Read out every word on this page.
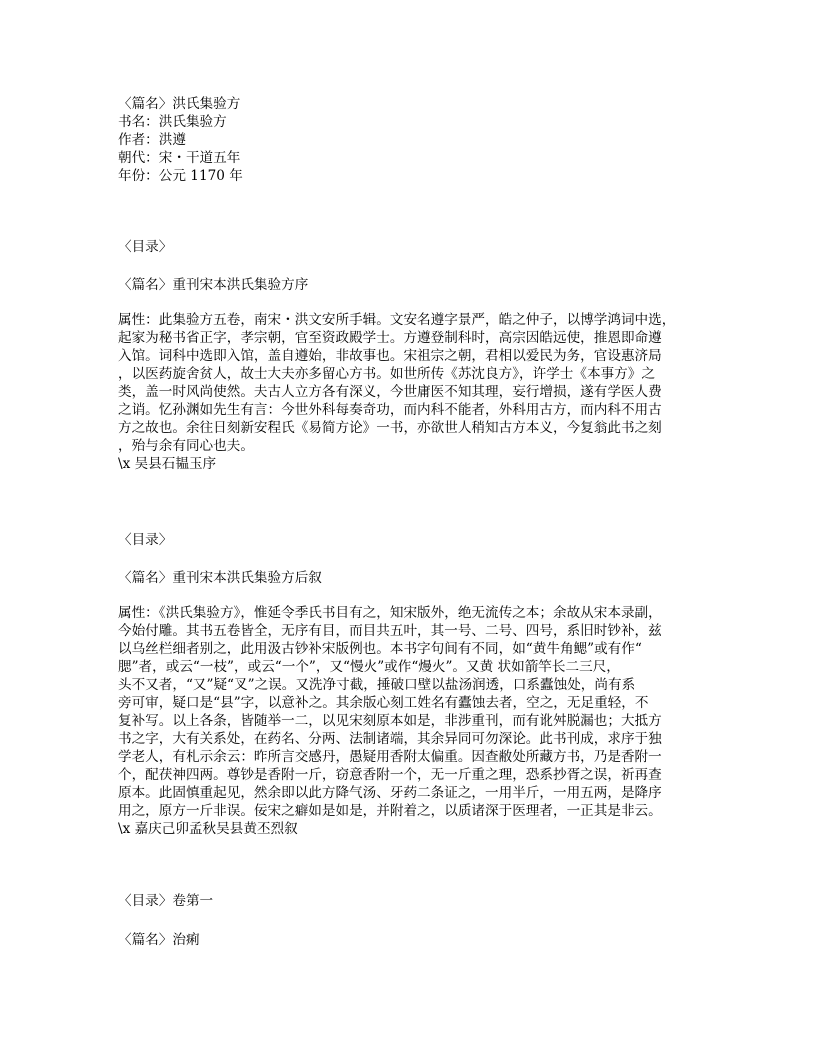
〈篇名〉洪氏集验方
书名：洪氏集验方
作者：洪遵
朝代：宋・干道五年
年份：公元 1170 年
〈目录〉
〈篇名〉重刊宋本洪氏集验方序
属性：此集验方五卷，南宋・洪文安所手辑。文安名遵字景严，皓之仲子，以博学鸿词中选，
起家为秘书省正字，孝宗朝，官至资政殿学士。方遵登制科时，高宗因皓远使，推恩即命遵
入馆。词科中选即入馆，盖自遵始，非故事也。宋祖宗之朝，君相以爱民为务，官设惠济局
，以医药旋舍贫人，故士大夫亦多留心方书。如世所传《苏沈良方》，许学士《本事方》之
类，盖一时风尚使然。夫古人立方各有深义，今世庸医不知其理，妄行增损，遂有学医人费
之诮。忆孙渊如先生有言：今世外科每奏奇功，而内科不能者，外科用古方，而内科不用古
方之故也。余往日刻新安程氏《易简方论》一书，亦欲世人稍知古方本义，今复翁此书之刻
，殆与余有同心也夫。
\x 吴县石韫玉序
〈目录〉
〈篇名〉重刊宋本洪氏集验方后叙
属性：《洪氏集验方》，惟延令季氏书目有之，知宋版外，绝无流传之本；余故从宋本录副，
今始付雕。其书五卷皆全，无序有目，而目共五叶，其一号、二号、四号，系旧时钞补，兹
以乌丝栏细者别之，此用汲古钞补宋版例也。本书字句间有不同，如“黄牛角鳃”或有作“
腮”者，或云“一枝”，或云“一个”，又“慢火”或作“熳火”。又黄 状如箭竿长二三尺，
头不又者，“又”疑“叉”之误。又洗净寸截，捶破口壁以盐汤润透，口系蠹蚀处，尚有系
旁可审，疑口是“县”字，以意补之。其余版心刻工姓名有蠹蚀去者，空之，无足重轻，不
复补写。以上各条，皆随举一二，以见宋刻原本如是，非涉重刊，而有讹舛脱漏也；大抵方
书之字，大有关系处，在药名、分两、法制诸端，其余异同可勿深论。此书刊成，求序于独
学老人，有札示余云：昨所言交感丹，愚疑用香附太偏重。因查敝处所藏方书，乃是香附一
个，配茯神四两。尊钞是香附一斤，窃意香附一个，无一斤重之理，恐系抄胥之误，祈再查
原本。此固慎重起见，然余即以此方降气汤、牙药二条证之，一用半斤，一用五两，是降序
用之，原方一斤非误。佞宋之癖如是如是，并附着之，以质诸深于医理者，一正其是非云。
\x 嘉庆己卯孟秋吴县黄丕烈叙
〈目录〉卷第一
〈篇名〉治痢
